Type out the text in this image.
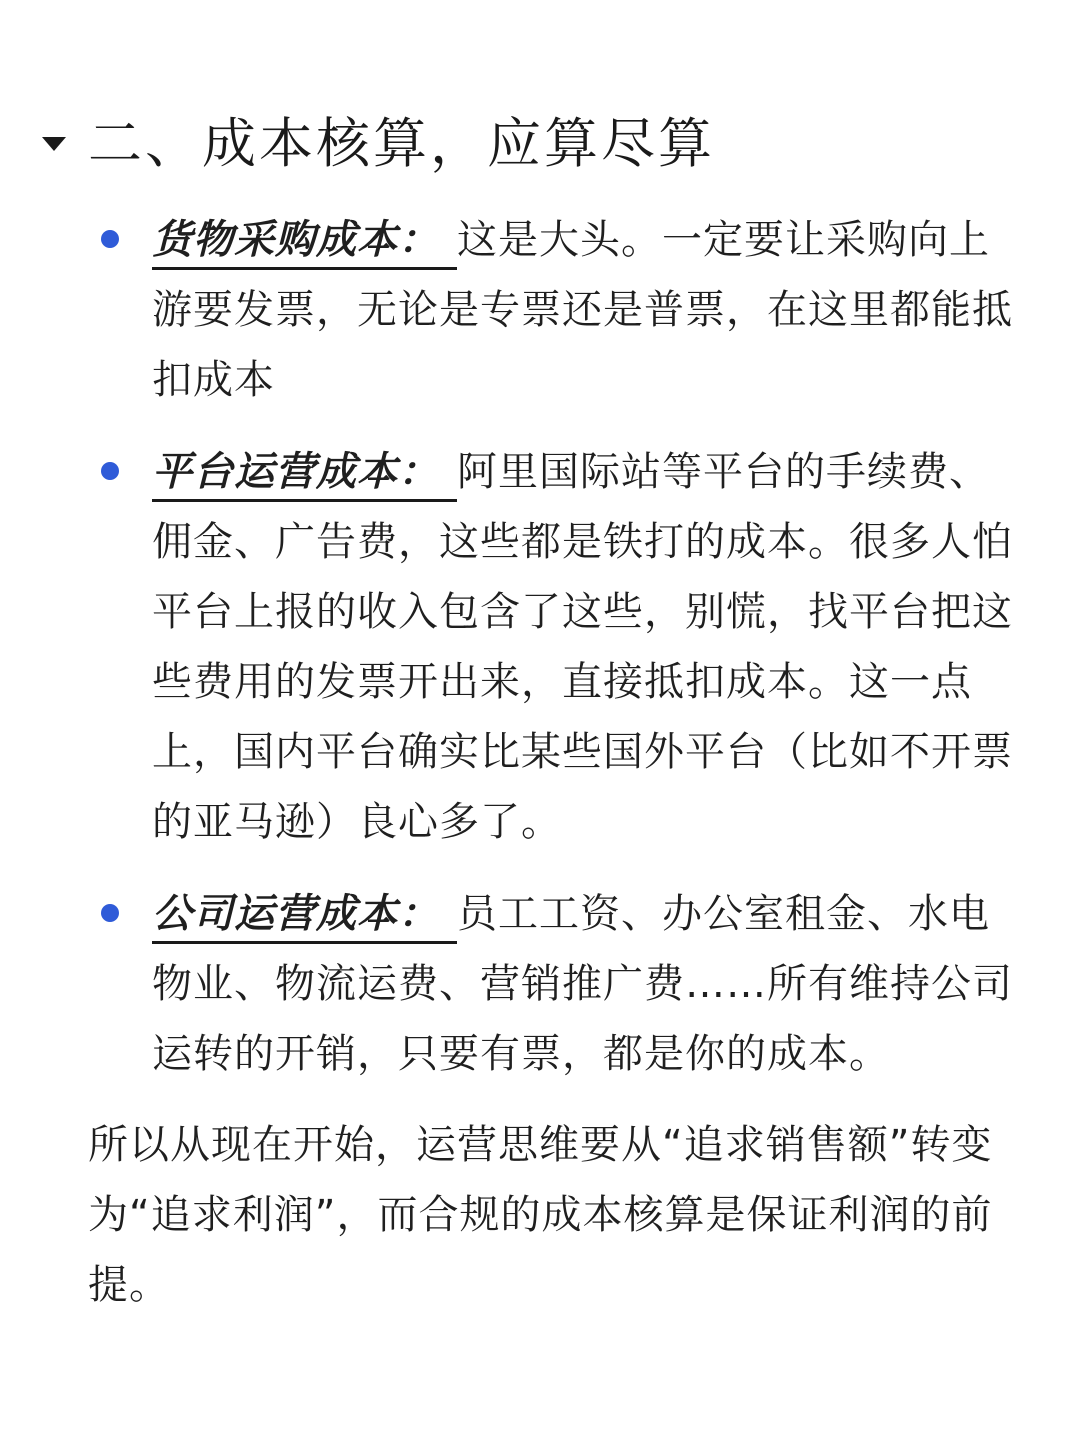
二、成本核算，应算尽算
货物采购成本： 这是大头。一定要让采购向上游要发票，无论是专票还是普票，在这里都能抵扣成本
平台运营成本： 阿里国际站等平台的手续费、佣金、广告费，这些都是铁打的成本。很多人怕平台上报的收入包含了这些，别慌，找平台把这些费用的发票开出来，直接抵扣成本。这一点上，国内平台确实比某些国外平台（比如不开票的亚马逊）良心多了。
公司运营成本： 员工工资、办公室租金、水电物业、物流运费、营销推广费……所有维持公司运转的开销，只要有票，都是你的成本。

所以从现在开始，运营思维要从“追求销售额”转变为“追求利润”，而合规的成本核算是保证利润的前提。
